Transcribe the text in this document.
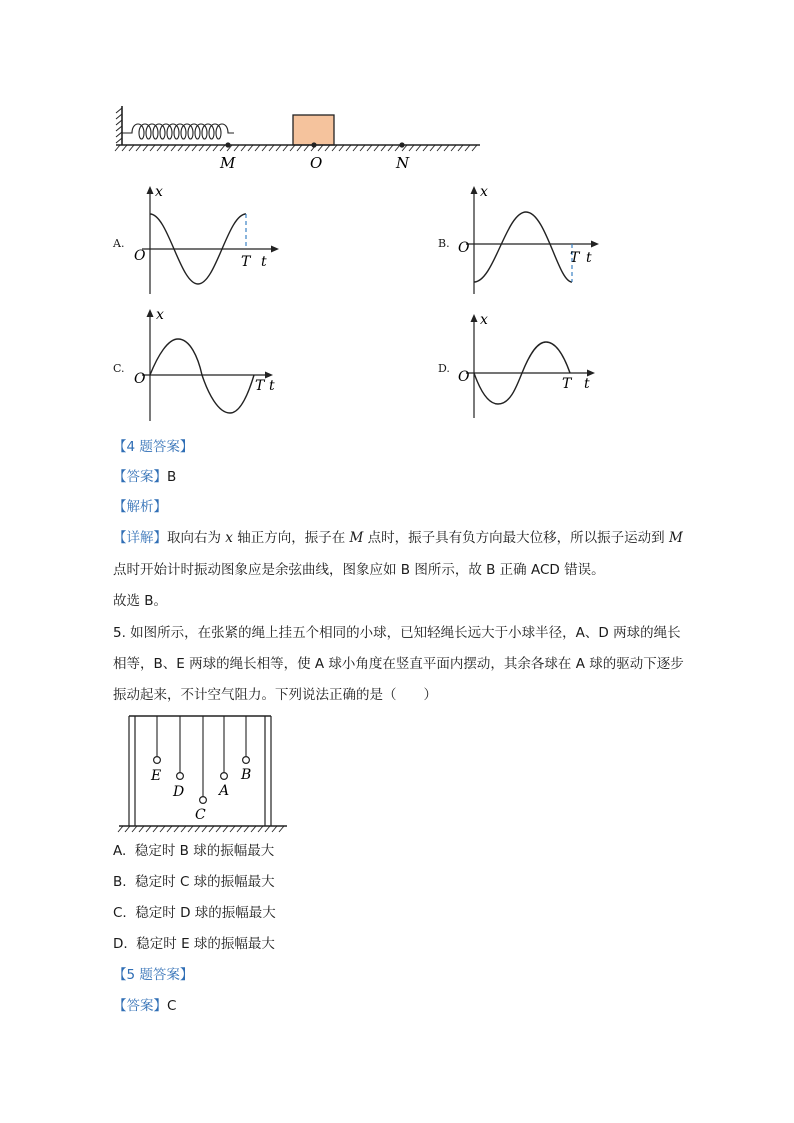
M	O	N
A.
x
O	T t
B.
x
O
T t
C.
x
O	T t
D.
x
O	T t
【4 题答案】
【答案】B
【解析】
【详解】取向右为 x 轴正方向，振子在 M 点时，振子具有负方向最大位移，所以振子运动到 M
点时开始计时振动图象应是余弦曲线，图象应如 B 图所示，故 B 正确 ACD 错误。
故选 B。
5. 如图所示，在张紧的绳上挂五个相同的小球，已知轻绳长远大于小球半径，A、D 两球的绳长
相等，B、E 两球的绳长相等，使 A 球小角度在竖直平面内摆动，其余各球在 A 球的驱动下逐步
振动起来，不计空气阻力。下列说法正确的是（　　）
E
D
C
A
B
A. 稳定时 B 球的振幅最大
B. 稳定时 C 球的振幅最大
C. 稳定时 D 球的振幅最大
D. 稳定时 E 球的振幅最大
【5 题答案】
【答案】C
